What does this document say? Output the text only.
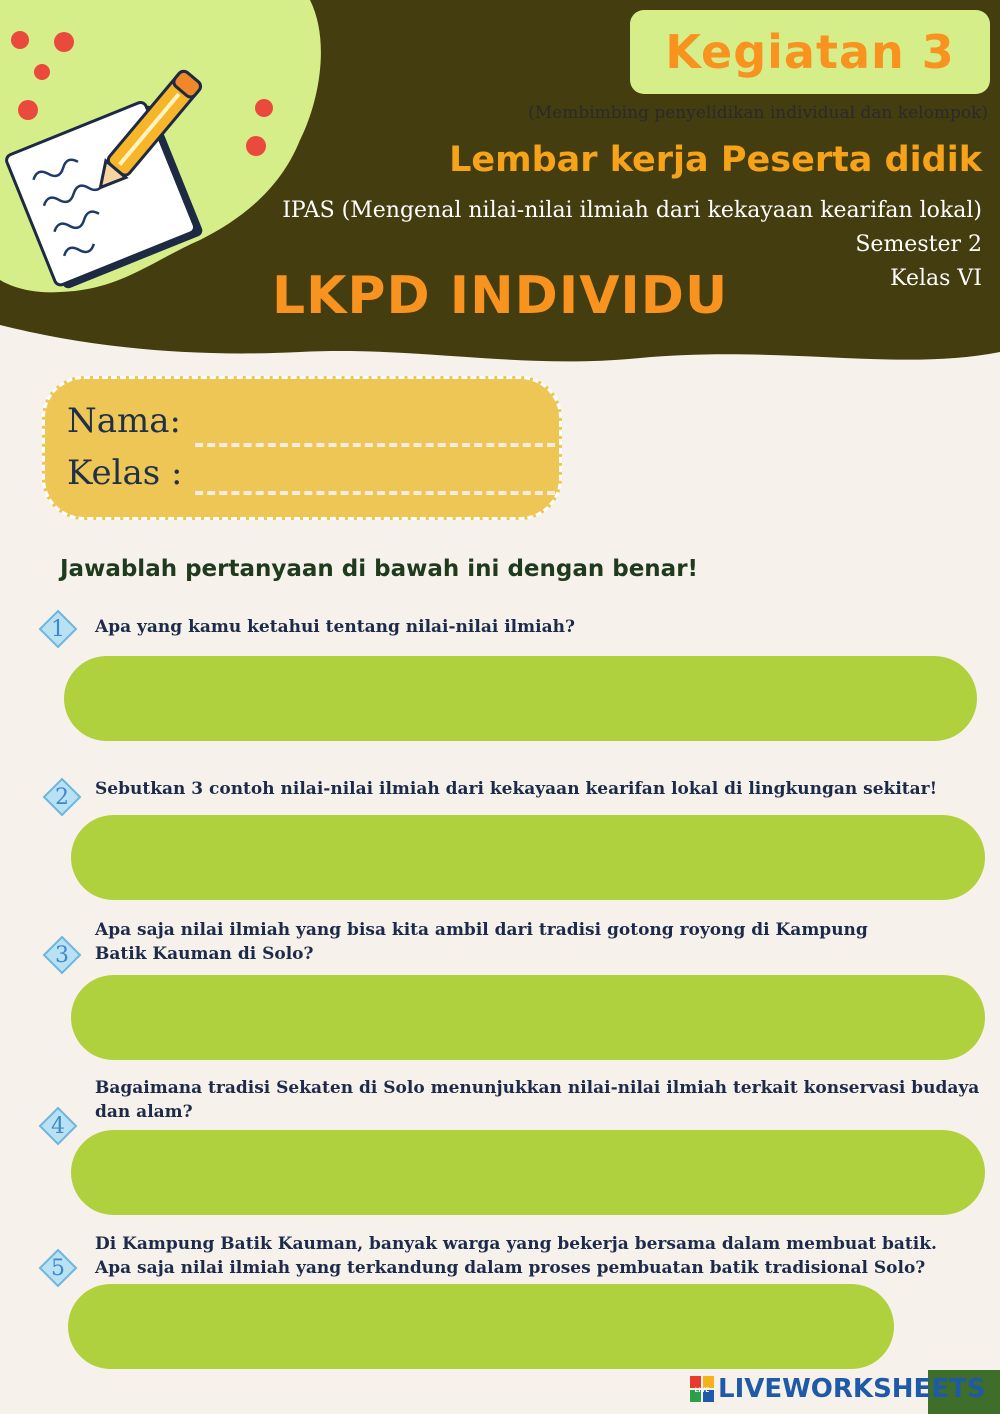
Kegiatan 3
(Membimbing penyelidikan individual dan kelompok)
Lembar kerja Peserta didik
IPAS (Mengenal nilai-nilai ilmiah dari kekayaan kearifan lokal)
Semester 2
Kelas VI
LKPD INDIVIDU
Nama:
Kelas :
Jawablah pertanyaan di bawah ini dengan benar!
1	Apa yang kamu ketahui tentang nilai-nilai ilmiah?
2	Sebutkan 3 contoh nilai-nilai ilmiah dari kekayaan kearifan lokal di lingkungan sekitar!
3
Apa saja nilai ilmiah yang bisa kita ambil dari tradisi gotong royong di Kampung
Batik Kauman di Solo?
4
Bagaimana tradisi Sekaten di Solo menunjukkan nilai-nilai ilmiah terkait konservasi budaya
dan alam?
5
Di Kampung Batik Kauman, banyak warga yang bekerja bersama dalam membuat batik.
Apa saja nilai ilmiah yang terkandung dalam proses pembuatan batik tradisional Solo?
LIVE LIVEWORKSHEETS
